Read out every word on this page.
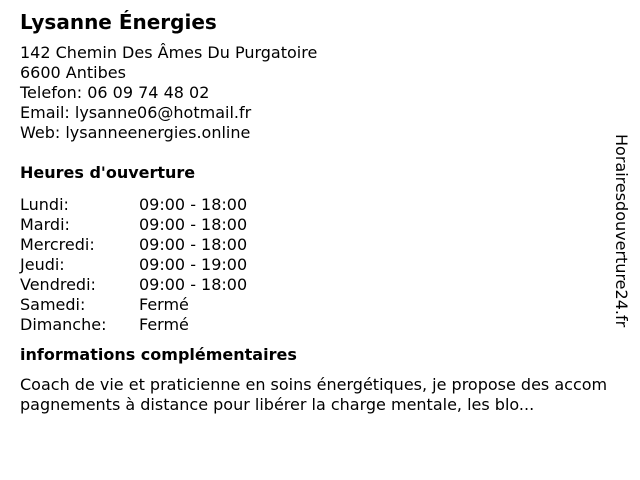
Lysanne Énergies
142 Chemin Des Âmes Du Purgatoire
6600 Antibes
Telefon: 06 09 74 48 02
Email: lysanne06@hotmail.fr
Web: lysanneenergies.online
Heures d'ouverture
Lundi:	09:00 - 18:00
Mardi:	09:00 - 18:00
Mercredi:	09:00 - 18:00
Jeudi:	09:00 - 19:00
Vendredi:	09:00 - 18:00
Samedi:	Fermé
Dimanche:	Fermé
informations complémentaires
Coach de vie et praticienne en soins énergétiques, je propose des accompagnements à distance pour libérer la charge mentale, les blo...
Horairesdouverture24.fr
